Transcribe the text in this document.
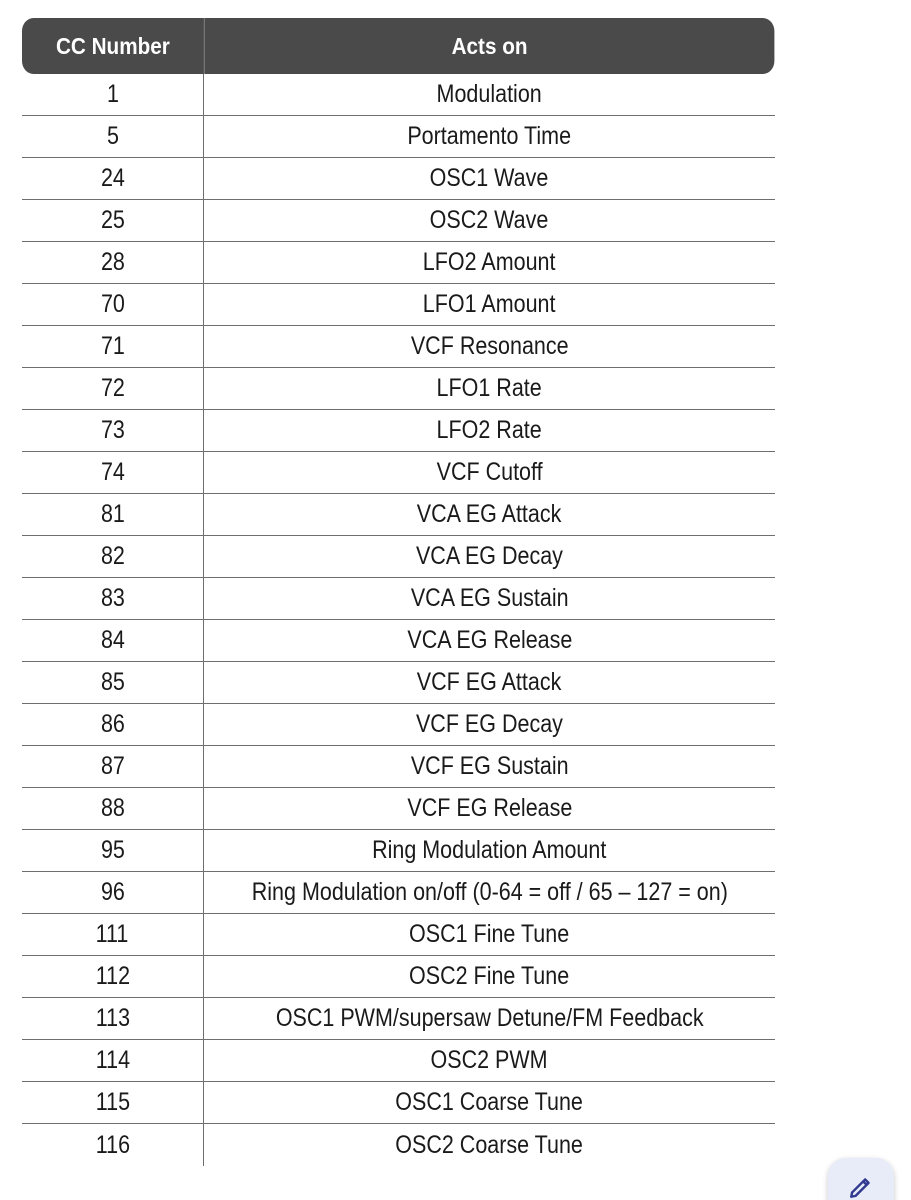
CC Number	Acts on
1	Modulation
5	Portamento Time
24	OSC1 Wave
25	OSC2 Wave
28	LFO2 Amount
70	LFO1 Amount
71	VCF Resonance
72	LFO1 Rate
73	LFO2 Rate
74	VCF Cutoff
81	VCA EG Attack
82	VCA EG Decay
83	VCA EG Sustain
84	VCA EG Release
85	VCF EG Attack
86	VCF EG Decay
87	VCF EG Sustain
88	VCF EG Release
95	Ring Modulation Amount
96	Ring Modulation on/off (0-64 = off / 65 – 127 = on)
111	OSC1 Fine Tune
112	OSC2 Fine Tune
113	OSC1 PWM/supersaw Detune/FM Feedback
114	OSC2 PWM
115	OSC1 Coarse Tune
116	OSC2 Coarse Tune
